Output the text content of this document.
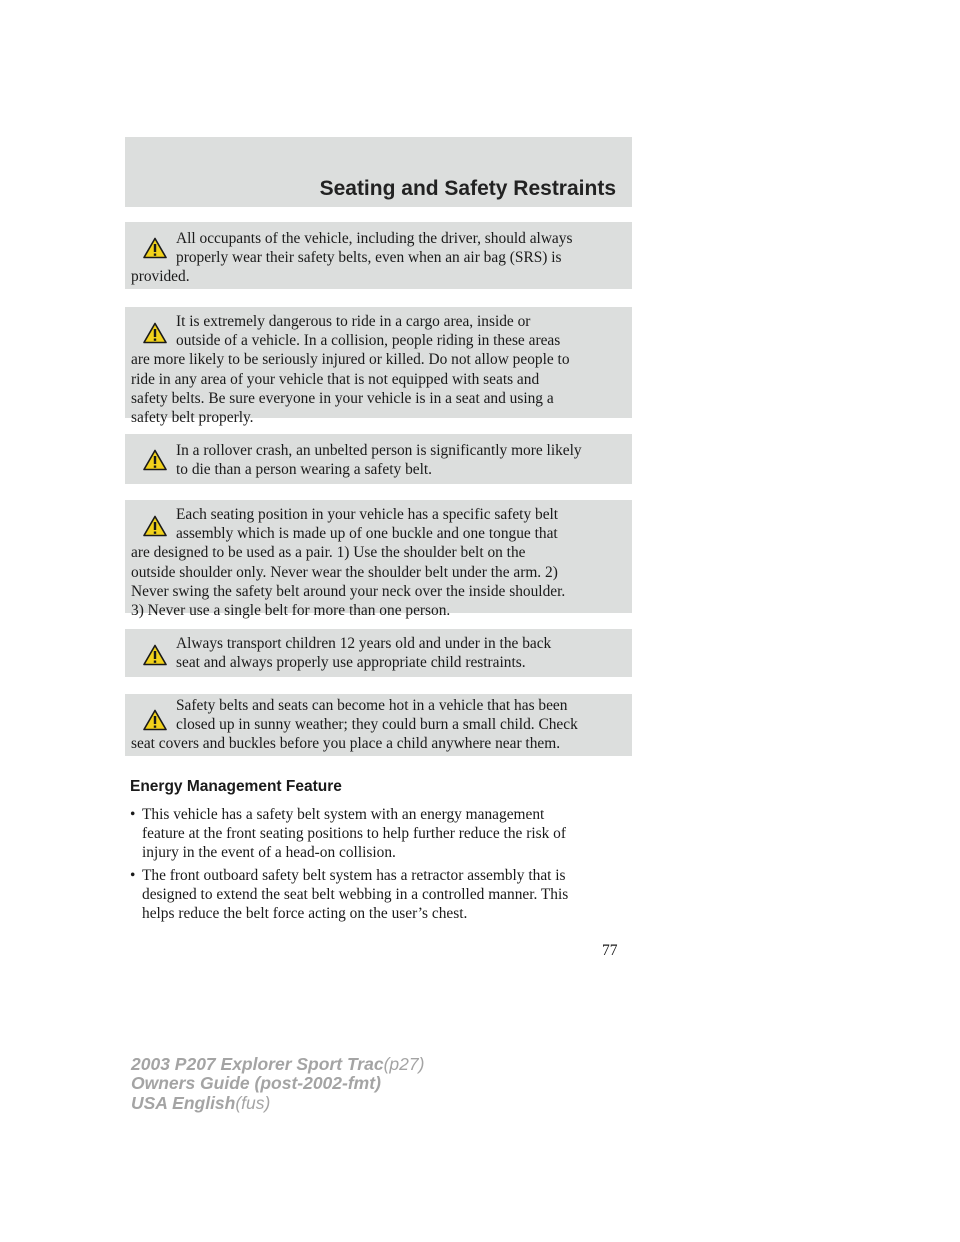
Seating and Safety Restraints

All occupants of the vehicle, including the driver, should always
properly wear their safety belts, even when an air bag (SRS) is
provided.

It is extremely dangerous to ride in a cargo area, inside or
outside of a vehicle. In a collision, people riding in these areas
are more likely to be seriously injured or killed. Do not allow people to
ride in any area of your vehicle that is not equipped with seats and
safety belts. Be sure everyone in your vehicle is in a seat and using a
safety belt properly.

In a rollover crash, an unbelted person is significantly more likely
to die than a person wearing a safety belt.

Each seating position in your vehicle has a specific safety belt
assembly which is made up of one buckle and one tongue that
are designed to be used as a pair. 1) Use the shoulder belt on the
outside shoulder only. Never wear the shoulder belt under the arm. 2)
Never swing the safety belt around your neck over the inside shoulder.
3) Never use a single belt for more than one person.

Always transport children 12 years old and under in the back
seat and always properly use appropriate child restraints.

Safety belts and seats can become hot in a vehicle that has been
closed up in sunny weather; they could burn a small child. Check
seat covers and buckles before you place a child anywhere near them.

Energy Management Feature
• This vehicle has a safety belt system with an energy management
feature at the front seating positions to help further reduce the risk of
injury in the event of a head-on collision.
• The front outboard safety belt system has a retractor assembly that is
designed to extend the seat belt webbing in a controlled manner. This
helps reduce the belt force acting on the user’s chest.
77
2003 P207 Explorer Sport Trac(p27)
Owners Guide (post-2002-fmt)
USA English(fus)
